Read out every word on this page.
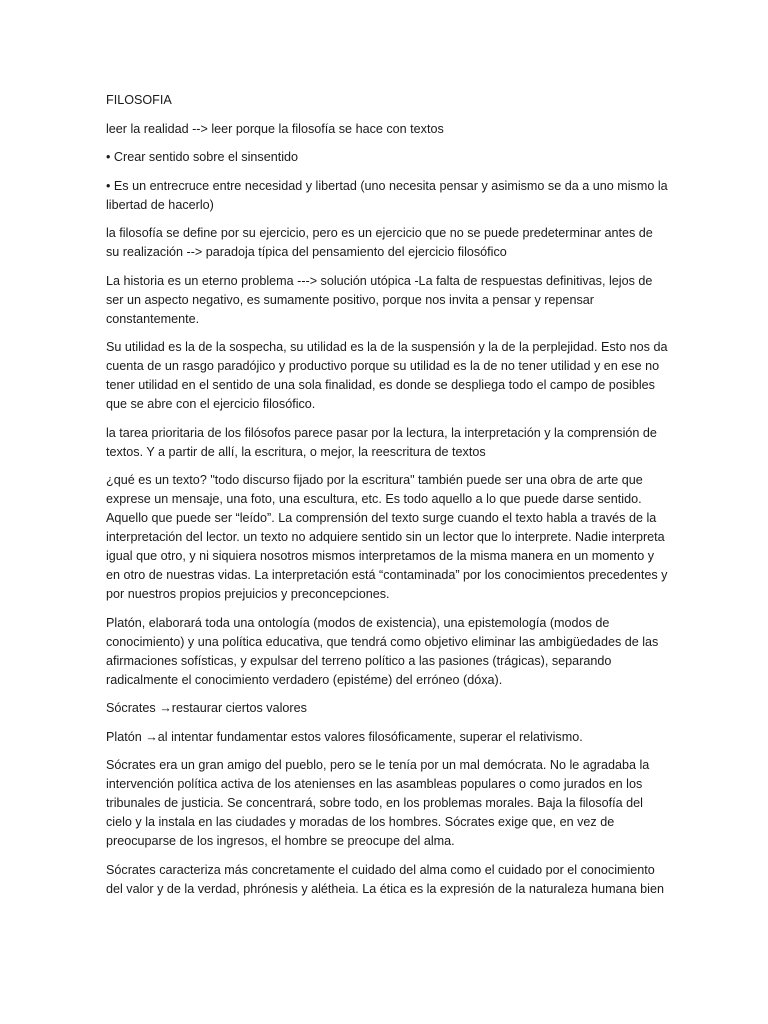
FILOSOFIA

leer la realidad --> leer porque la filosofía se hace con textos

• Crear sentido sobre el sinsentido

• Es un entrecruce entre necesidad y libertad (uno necesita pensar y asimismo se da a uno mismo la libertad de hacerlo)

la filosofía se define por su ejercicio, pero es un ejercicio que no se puede predeterminar antes de su realización --> paradoja típica del pensamiento del ejercicio filosófico

La historia es un eterno problema ---> solución utópica -La falta de respuestas definitivas, lejos de ser un aspecto negativo, es sumamente positivo, porque nos invita a pensar y repensar constantemente.

Su utilidad es la de la sospecha, su utilidad es la de la suspensión y la de la perplejidad. Esto nos da cuenta de un rasgo paradójico y productivo porque su utilidad es la de no tener utilidad y en ese no tener utilidad en el sentido de una sola finalidad, es donde se despliega todo el campo de posibles que se abre con el ejercicio filosófico.

la tarea prioritaria de los filósofos parece pasar por la lectura, la interpretación y la comprensión de textos. Y a partir de allí, la escritura, o mejor, la reescritura de textos

¿qué es un texto? "todo discurso fijado por la escritura" también puede ser una obra de arte que exprese un mensaje, una foto, una escultura, etc. Es todo aquello a lo que puede darse sentido. Aquello que puede ser “leído”. La comprensión del texto surge cuando el texto habla a través de la interpretación del lector. un texto no adquiere sentido sin un lector que lo interprete. Nadie interpreta igual que otro, y ni siquiera nosotros mismos interpretamos de la misma manera en un momento y en otro de nuestras vidas. La interpretación está “contaminada” por los conocimientos precedentes y por nuestros propios prejuicios y preconcepciones.

Platón, elaborará toda una ontología (modos de existencia), una epistemología (modos de conocimiento) y una política educativa, que tendrá como objetivo eliminar las ambigüedades de las afirmaciones sofísticas, y expulsar del terreno político a las pasiones (trágicas), separando radicalmente el conocimiento verdadero (epistéme) del erróneo (dóxa).

Sócrates →restaurar ciertos valores

Platón →al intentar fundamentar estos valores filosóficamente, superar el relativismo.

Sócrates era un gran amigo del pueblo, pero se le tenía por un mal demócrata. No le agradaba la intervención política activa de los atenienses en las asambleas populares o como jurados en los tribunales de justicia. Se concentrará, sobre todo, en los problemas morales. Baja la filosofía del cielo y la instala en las ciudades y moradas de los hombres. Sócrates exige que, en vez de preocuparse de los ingresos, el hombre se preocupe del alma.

Sócrates caracteriza más concretamente el cuidado del alma como el cuidado por el conocimiento del valor y de la verdad, phrónesis y alétheia. La ética es la expresión de la naturaleza humana bien
